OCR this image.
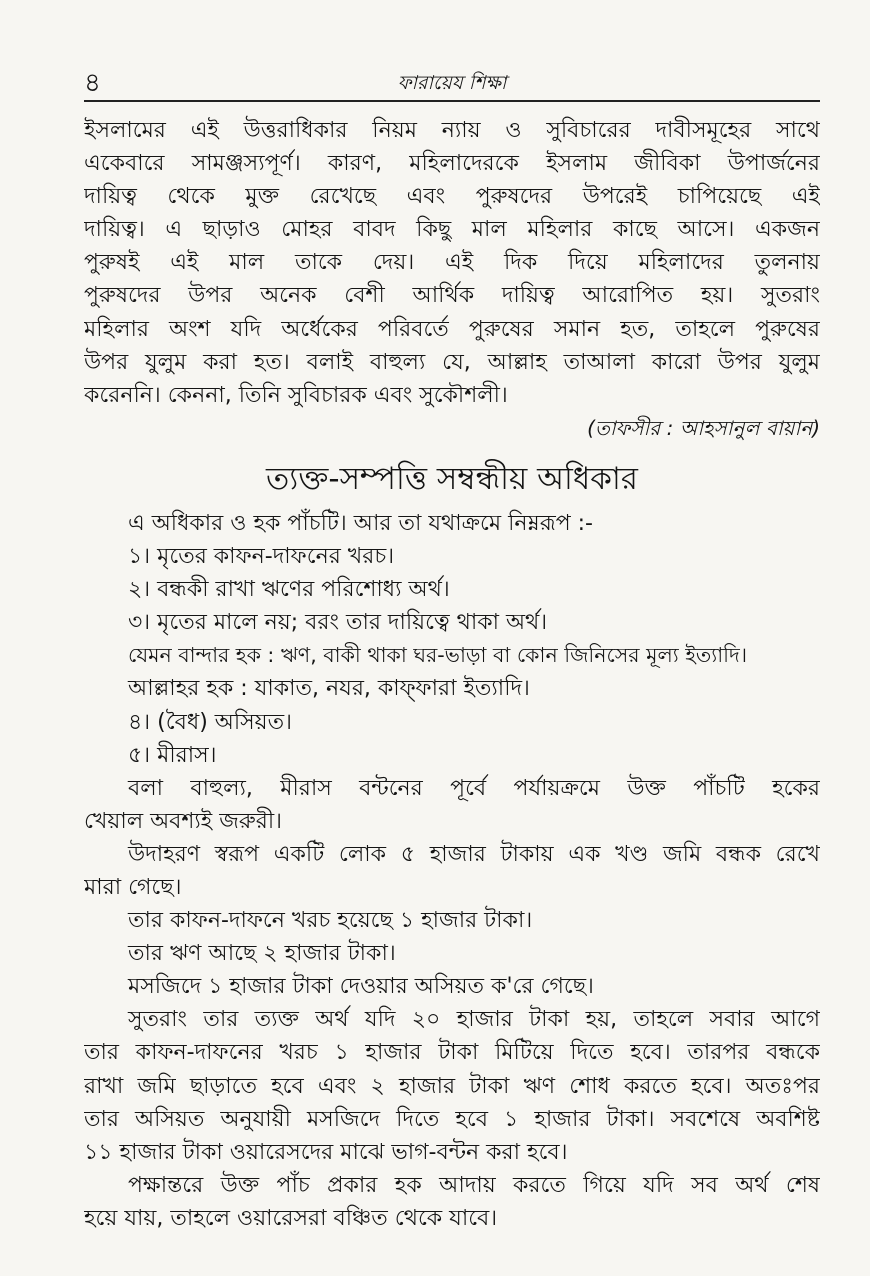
৪	ফারায়েয শিক্ষা
ইসলামের এই উত্তরাধিকার নিয়ম ন্যায় ও সুবিচারের দাবীসমূহের সাথে
একেবারে সামঞ্জস্যপূর্ণ। কারণ, মহিলাদেরকে ইসলাম জীবিকা উপার্জনের
দায়িত্ব থেকে মুক্ত রেখেছে এবং পুরুষদের উপরেই চাপিয়েছে এই
দায়িত্ব। এ ছাড়াও মোহর বাবদ কিছু মাল মহিলার কাছে আসে। একজন
পুরুষই এই মাল তাকে দেয়। এই দিক দিয়ে মহিলাদের তুলনায়
পুরুষদের উপর অনেক বেশী আর্থিক দায়িত্ব আরোপিত হয়। সুতরাং
মহিলার অংশ যদি অর্ধেকের পরিবর্তে পুরুষের সমান হত, তাহলে পুরুষের
উপর যুলুম করা হত। বলাই বাহুল্য যে, আল্লাহ তাআলা কারো উপর যুলুম
করেননি। কেননা, তিনি সুবিচারক এবং সুকৌশলী।
(তাফসীর : আহসানুল বায়ান)
ত্যক্ত-সম্পত্তি সম্বন্ধীয় অধিকার
এ অধিকার ও হক পাঁচটি। আর তা যথাক্রমে নিম্নরূপ :-
১। মৃতের কাফন-দাফনের খরচ।
২। বন্ধকী রাখা ঋণের পরিশোধ্য অর্থ।
৩। মৃতের মালে নয়; বরং তার দায়িত্বে থাকা অর্থ।
যেমন বান্দার হক : ঋণ, বাকী থাকা ঘর-ভাড়া বা কোন জিনিসের মূল্য ইত্যাদি।
আল্লাহর হক : যাকাত, নযর, কাফ্‌ফারা ইত্যাদি।
৪। (বৈধ) অসিয়ত।
৫। মীরাস।
বলা বাহুল্য, মীরাস বন্টনের পূর্বে পর্যায়ক্রমে উক্ত পাঁচটি হকের
খেয়াল অবশ্যই জরুরী।
উদাহরণ স্বরূপ একটি লোক ৫ হাজার টাকায় এক খণ্ড জমি বন্ধক রেখে
মারা গেছে।
তার কাফন-দাফনে খরচ হয়েছে ১ হাজার টাকা।
তার ঋণ আছে ২ হাজার টাকা।
মসজিদে ১ হাজার টাকা দেওয়ার অসিয়ত ক'রে গেছে।
সুতরাং তার ত্যক্ত অর্থ যদি ২০ হাজার টাকা হয়, তাহলে সবার আগে
তার কাফন-দাফনের খরচ ১ হাজার টাকা মিটিয়ে দিতে হবে। তারপর বন্ধকে
রাখা জমি ছাড়াতে হবে এবং ২ হাজার টাকা ঋণ শোধ করতে হবে। অতঃপর
তার অসিয়ত অনুযায়ী মসজিদে দিতে হবে ১ হাজার টাকা। সবশেষে অবশিষ্ট
১১ হাজার টাকা ওয়ারেসদের মাঝে ভাগ-বন্টন করা হবে।
পক্ষান্তরে উক্ত পাঁচ প্রকার হক আদায় করতে গিয়ে যদি সব অর্থ শেষ
হয়ে যায়, তাহলে ওয়ারেসরা বঞ্চিত থেকে যাবে।
